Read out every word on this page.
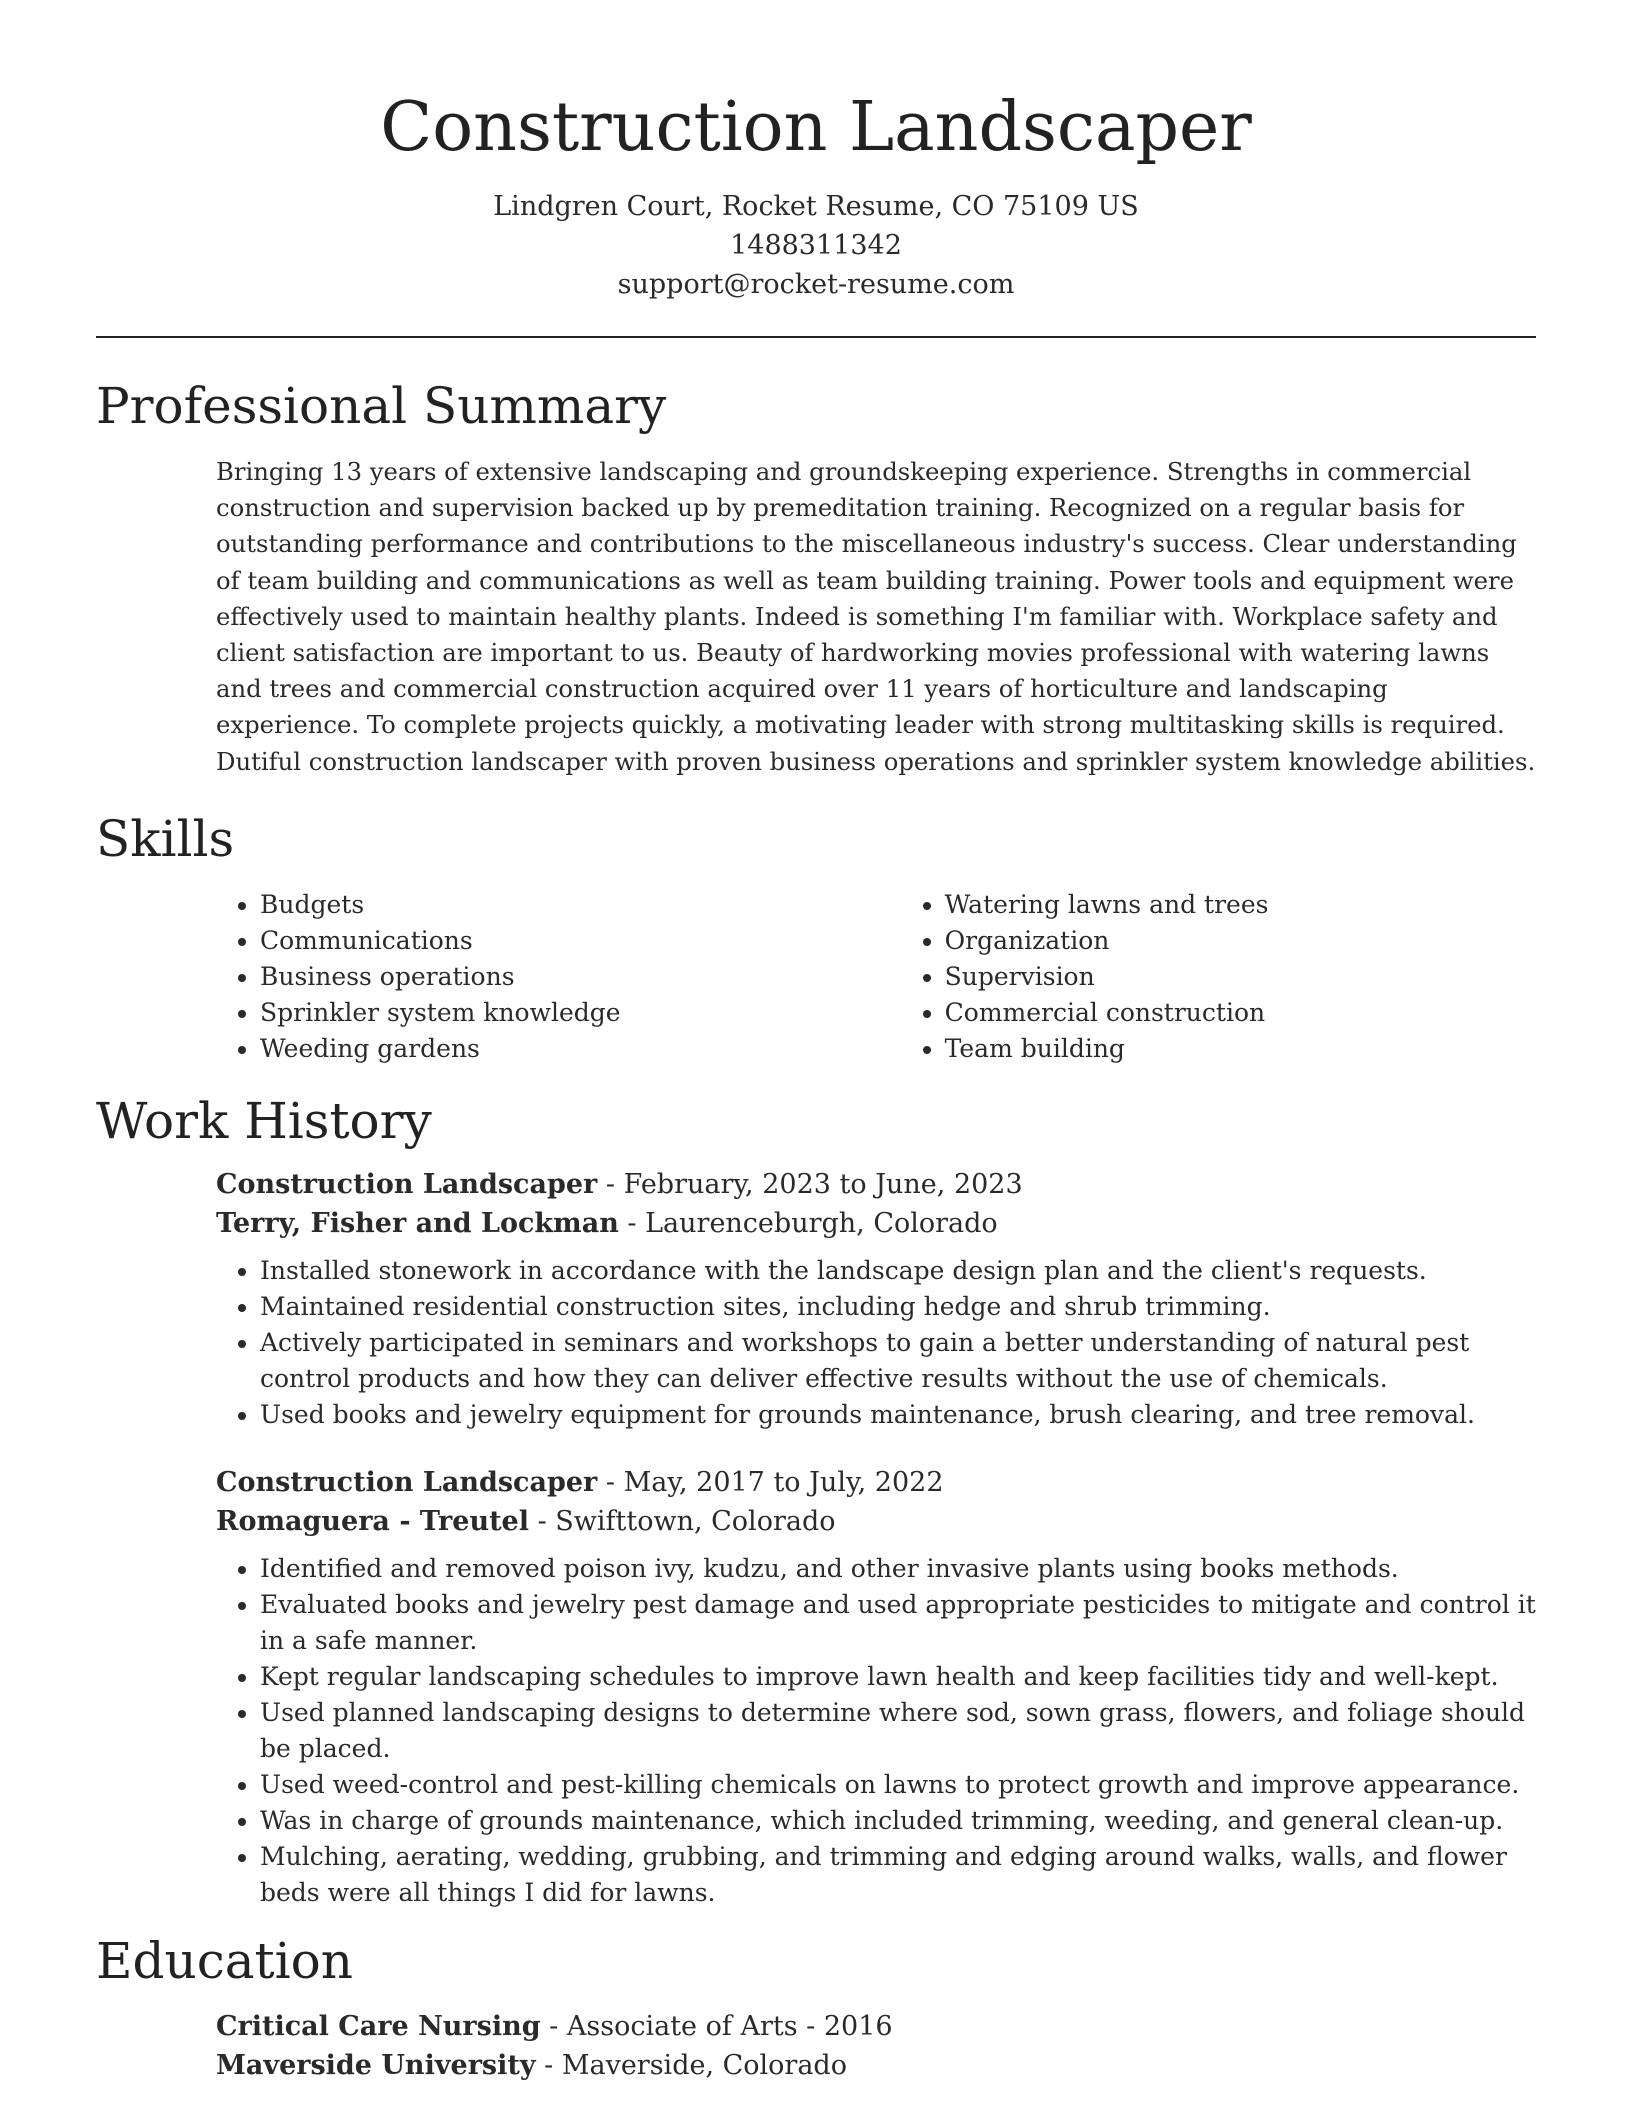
Construction Landscaper
Lindgren Court, Rocket Resume, CO 75109 US
1488311342
support@rocket-resume.com
Professional Summary

Bringing 13 years of extensive landscaping and groundskeeping experience. Strengths in commercial construction and supervision backed up by premeditation training. Recognized on a regular basis for outstanding performance and contributions to the miscellaneous industry's success. Clear understanding of team building and communications as well as team building training. Power tools and equipment were effectively used to maintain healthy plants. Indeed is something I'm familiar with. Workplace safety and client satisfaction are important to us. Beauty of hardworking movies professional with watering lawns and trees and commercial construction acquired over 11 years of horticulture and landscaping experience. To complete projects quickly, a motivating leader with strong multitasking skills is required. Dutiful construction landscaper with proven business operations and sprinkler system knowledge abilities.

Skills
• Budgets
• Communications
• Business operations
• Sprinkler system knowledge
• Weeding gardens
• Watering lawns and trees
• Organization
• Supervision
• Commercial construction
• Team building
Work History
Construction Landscaper - February, 2023 to June, 2023
Terry, Fisher and Lockman - Laurenceburgh, Colorado
• Installed stonework in accordance with the landscape design plan and the client's requests.
• Maintained residential construction sites, including hedge and shrub trimming.
• Actively participated in seminars and workshops to gain a better understanding of natural pest control products and how they can deliver effective results without the use of chemicals.
• Used books and jewelry equipment for grounds maintenance, brush clearing, and tree removal.
Construction Landscaper - May, 2017 to July, 2022
Romaguera - Treutel - Swifttown, Colorado
• Identified and removed poison ivy, kudzu, and other invasive plants using books methods.
• Evaluated books and jewelry pest damage and used appropriate pesticides to mitigate and control it in a safe manner.
• Kept regular landscaping schedules to improve lawn health and keep facilities tidy and well-kept.
• Used planned landscaping designs to determine where sod, sown grass, flowers, and foliage should be placed.
• Used weed-control and pest-killing chemicals on lawns to protect growth and improve appearance.
• Was in charge of grounds maintenance, which included trimming, weeding, and general clean-up.
• Mulching, aerating, wedding, grubbing, and trimming and edging around walks, walls, and flower beds were all things I did for lawns.
Education
Critical Care Nursing - Associate of Arts - 2016
Maverside University - Maverside, Colorado
